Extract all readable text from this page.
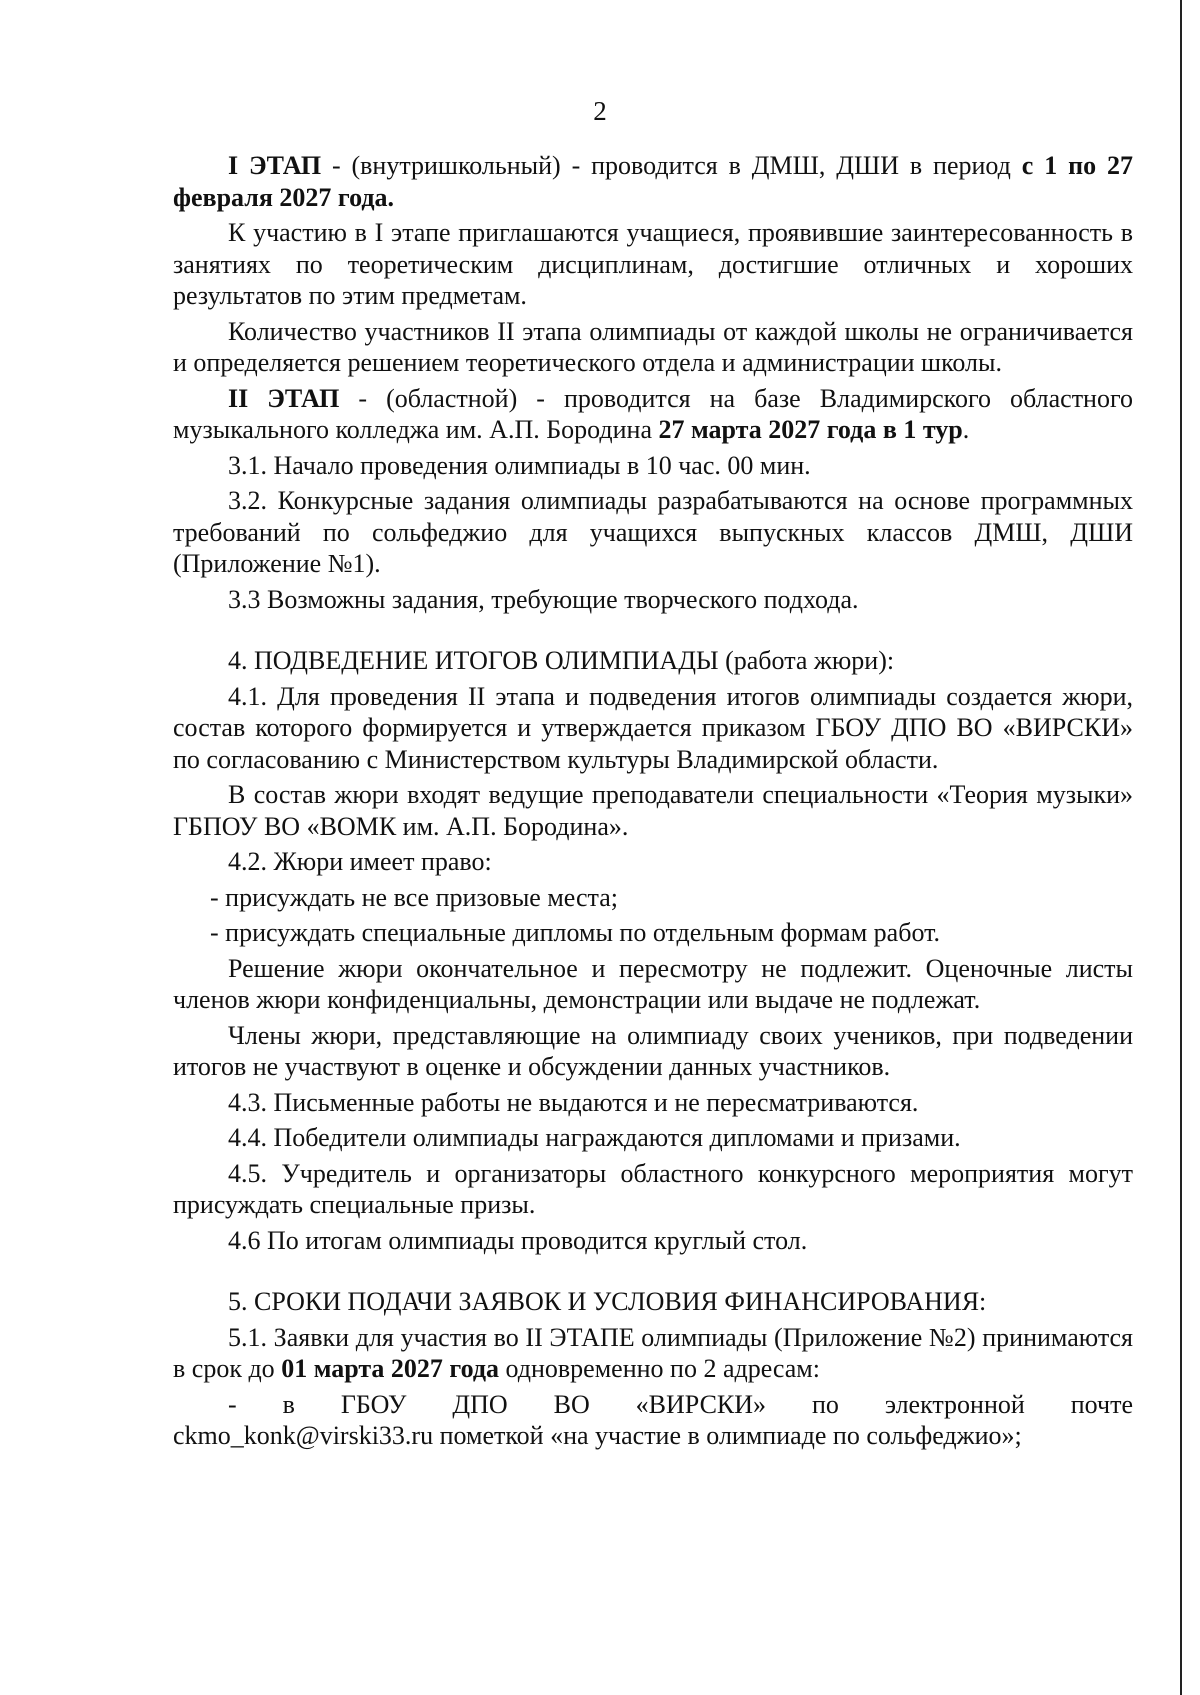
2

I ЭТАП - (внутришкольный) - проводится в ДМШ, ДШИ в период с 1 по 27 февраля 2027 года.

К участию в I этапе приглашаются учащиеся, проявившие заинтересованность в занятиях по теоретическим дисциплинам, достигшие отличных и хороших результатов по этим предметам.

Количество участников II этапа олимпиады от каждой школы не ограничивается и определяется решением теоретического отдела и администрации школы.

II ЭТАП - (областной) - проводится на базе Владимирского областного музыкального колледжа им. А.П. Бородина 27 марта 2027 года в 1 тур.

3.1. Начало проведения олимпиады в 10 час. 00 мин.

3.2. Конкурсные задания олимпиады разрабатываются на основе программных требований по сольфеджио для учащихся выпускных классов ДМШ, ДШИ (Приложение №1).

3.3 Возможны задания, требующие творческого подхода.

4. ПОДВЕДЕНИЕ ИТОГОВ ОЛИМПИАДЫ (работа жюри):

4.1. Для проведения II этапа и подведения итогов олимпиады создается жюри, состав которого формируется и утверждается приказом ГБОУ ДПО ВО «ВИРСКИ» по согласованию с Министерством культуры Владимирской области.

В состав жюри входят ведущие преподаватели специальности «Теория музыки» ГБПОУ ВО «ВОМК им. А.П. Бородина».

4.2. Жюри имеет право:

- присуждать не все призовые места;

- присуждать специальные дипломы по отдельным формам работ.

Решение жюри окончательное и пересмотру не подлежит. Оценочные листы членов жюри конфиденциальны, демонстрации или выдаче не подлежат.

Члены жюри, представляющие на олимпиаду своих учеников, при подведении итогов не участвуют в оценке и обсуждении данных участников.

4.3. Письменные работы не выдаются и не пересматриваются.

4.4. Победители олимпиады награждаются дипломами и призами.

4.5. Учредитель и организаторы областного конкурсного мероприятия могут присуждать специальные призы.

4.6 По итогам олимпиады проводится круглый стол.

5. СРОКИ ПОДАЧИ ЗАЯВОК И УСЛОВИЯ ФИНАНСИРОВАНИЯ:

5.1. Заявки для участия во II ЭТАПЕ олимпиады (Приложение №2) принимаются в срок до 01 марта 2027 года одновременно по 2 адресам:

- в ГБОУ ДПО ВО «ВИРСКИ» по электронной почте

ckmo_konk@virski33.ru пометкой «на участие в олимпиаде по сольфеджио»;
